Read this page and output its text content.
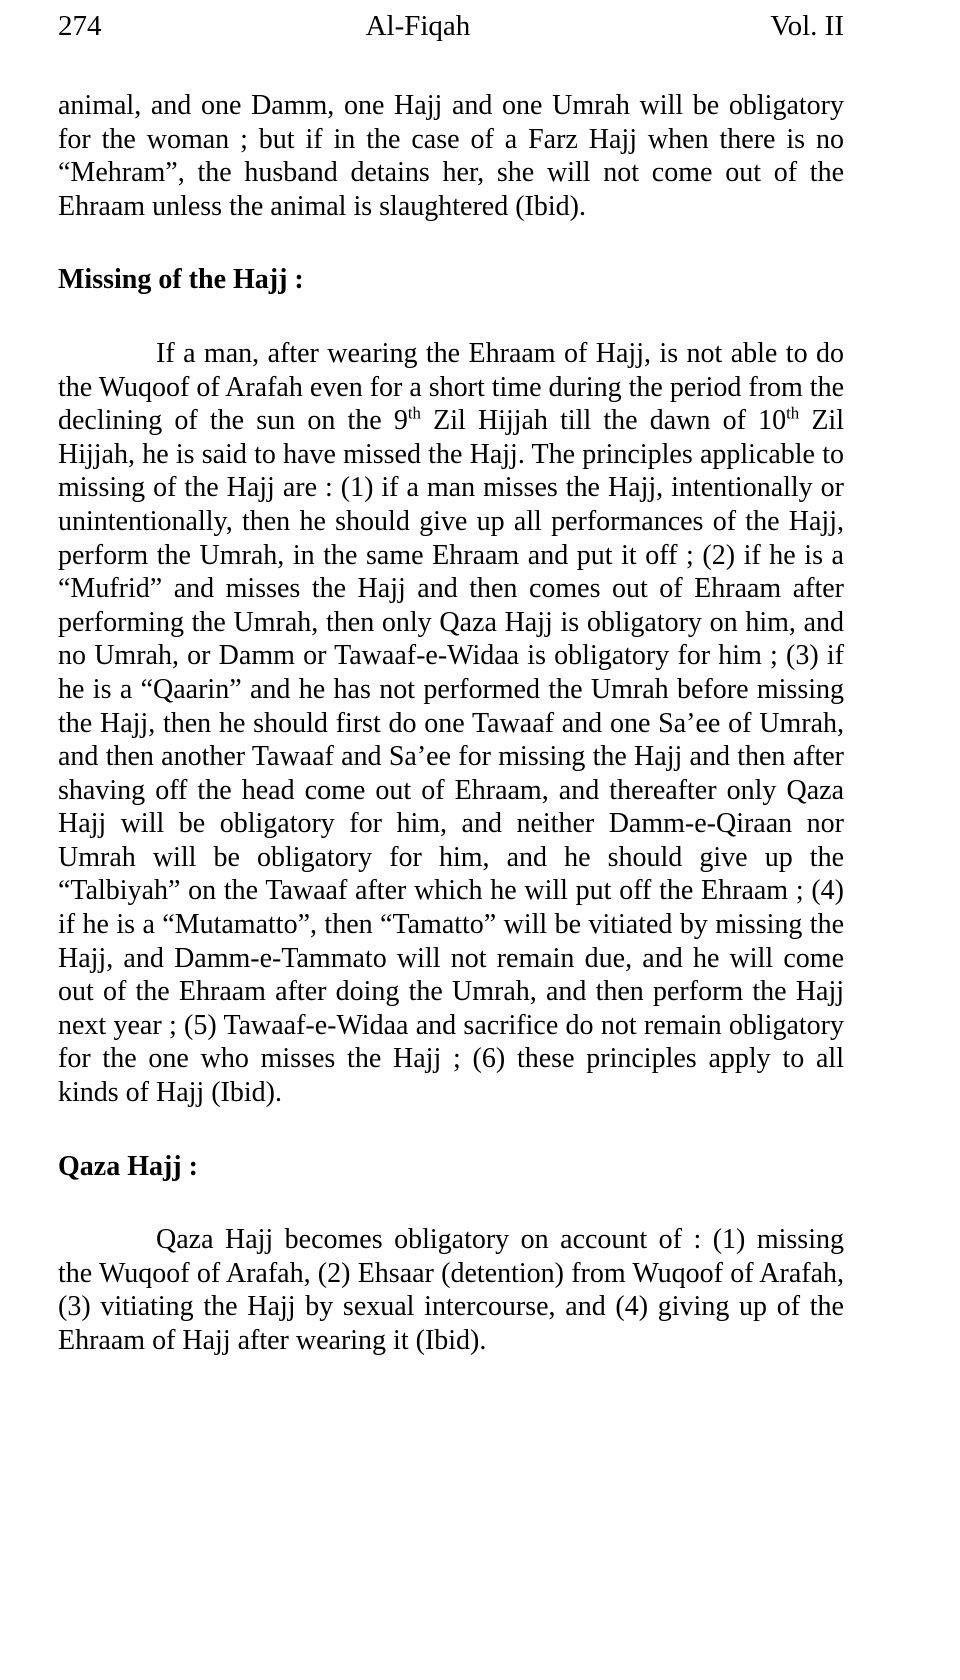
274	Al-Fiqah	Vol. II

animal, and one Damm, one Hajj and one Umrah will be obligatory for the woman ; but if in the case of a Farz Hajj when there is no “Mehram”, the husband detains her, she will not come out of the Ehraam unless the animal is slaughtered (Ibid).

Missing of the Hajj :

If a man, after wearing the Ehraam of Hajj, is not able to do the Wuqoof of Arafah even for a short time during the period from the declining of the sun on the 9th Zil Hijjah till the dawn of 10th Zil Hijjah, he is said to have missed the Hajj. The principles applicable to missing of the Hajj are : (1) if a man misses the Hajj, intentionally or unintentionally, then he should give up all performances of the Hajj, perform the Umrah, in the same Ehraam and put it off ; (2) if he is a “Mufrid” and misses the Hajj and then comes out of Ehraam after performing the Umrah, then only Qaza Hajj is obligatory on him, and no Umrah, or Damm or Tawaaf-e-Widaa is obligatory for him ; (3) if he is a “Qaarin” and he has not performed the Umrah before missing the Hajj, then he should first do one Tawaaf and one Sa’ee of Umrah, and then another Tawaaf and Sa’ee for missing the Hajj and then after shaving off the head come out of Ehraam, and thereafter only Qaza Hajj will be obligatory for him, and neither Damm-e-Qiraan nor Umrah will be obligatory for him, and he should give up the “Talbiyah” on the Tawaaf after which he will put off the Ehraam ; (4) if he is a “Mutamatto”, then “Tamatto” will be vitiated by missing the Hajj, and Damm-e-Tammato will not remain due, and he will come out of the Ehraam after doing the Umrah, and then perform the Hajj next year ; (5) Tawaaf-e-Widaa and sacrifice do not remain obligatory for the one who misses the Hajj ; (6) these principles apply to all kinds of Hajj (Ibid).

Qaza Hajj :

Qaza Hajj becomes obligatory on account of : (1) missing the Wuqoof of Arafah, (2) Ehsaar (detention) from Wuqoof of Arafah, (3) vitiating the Hajj by sexual intercourse, and (4) giving up of the Ehraam of Hajj after wearing it (Ibid).
